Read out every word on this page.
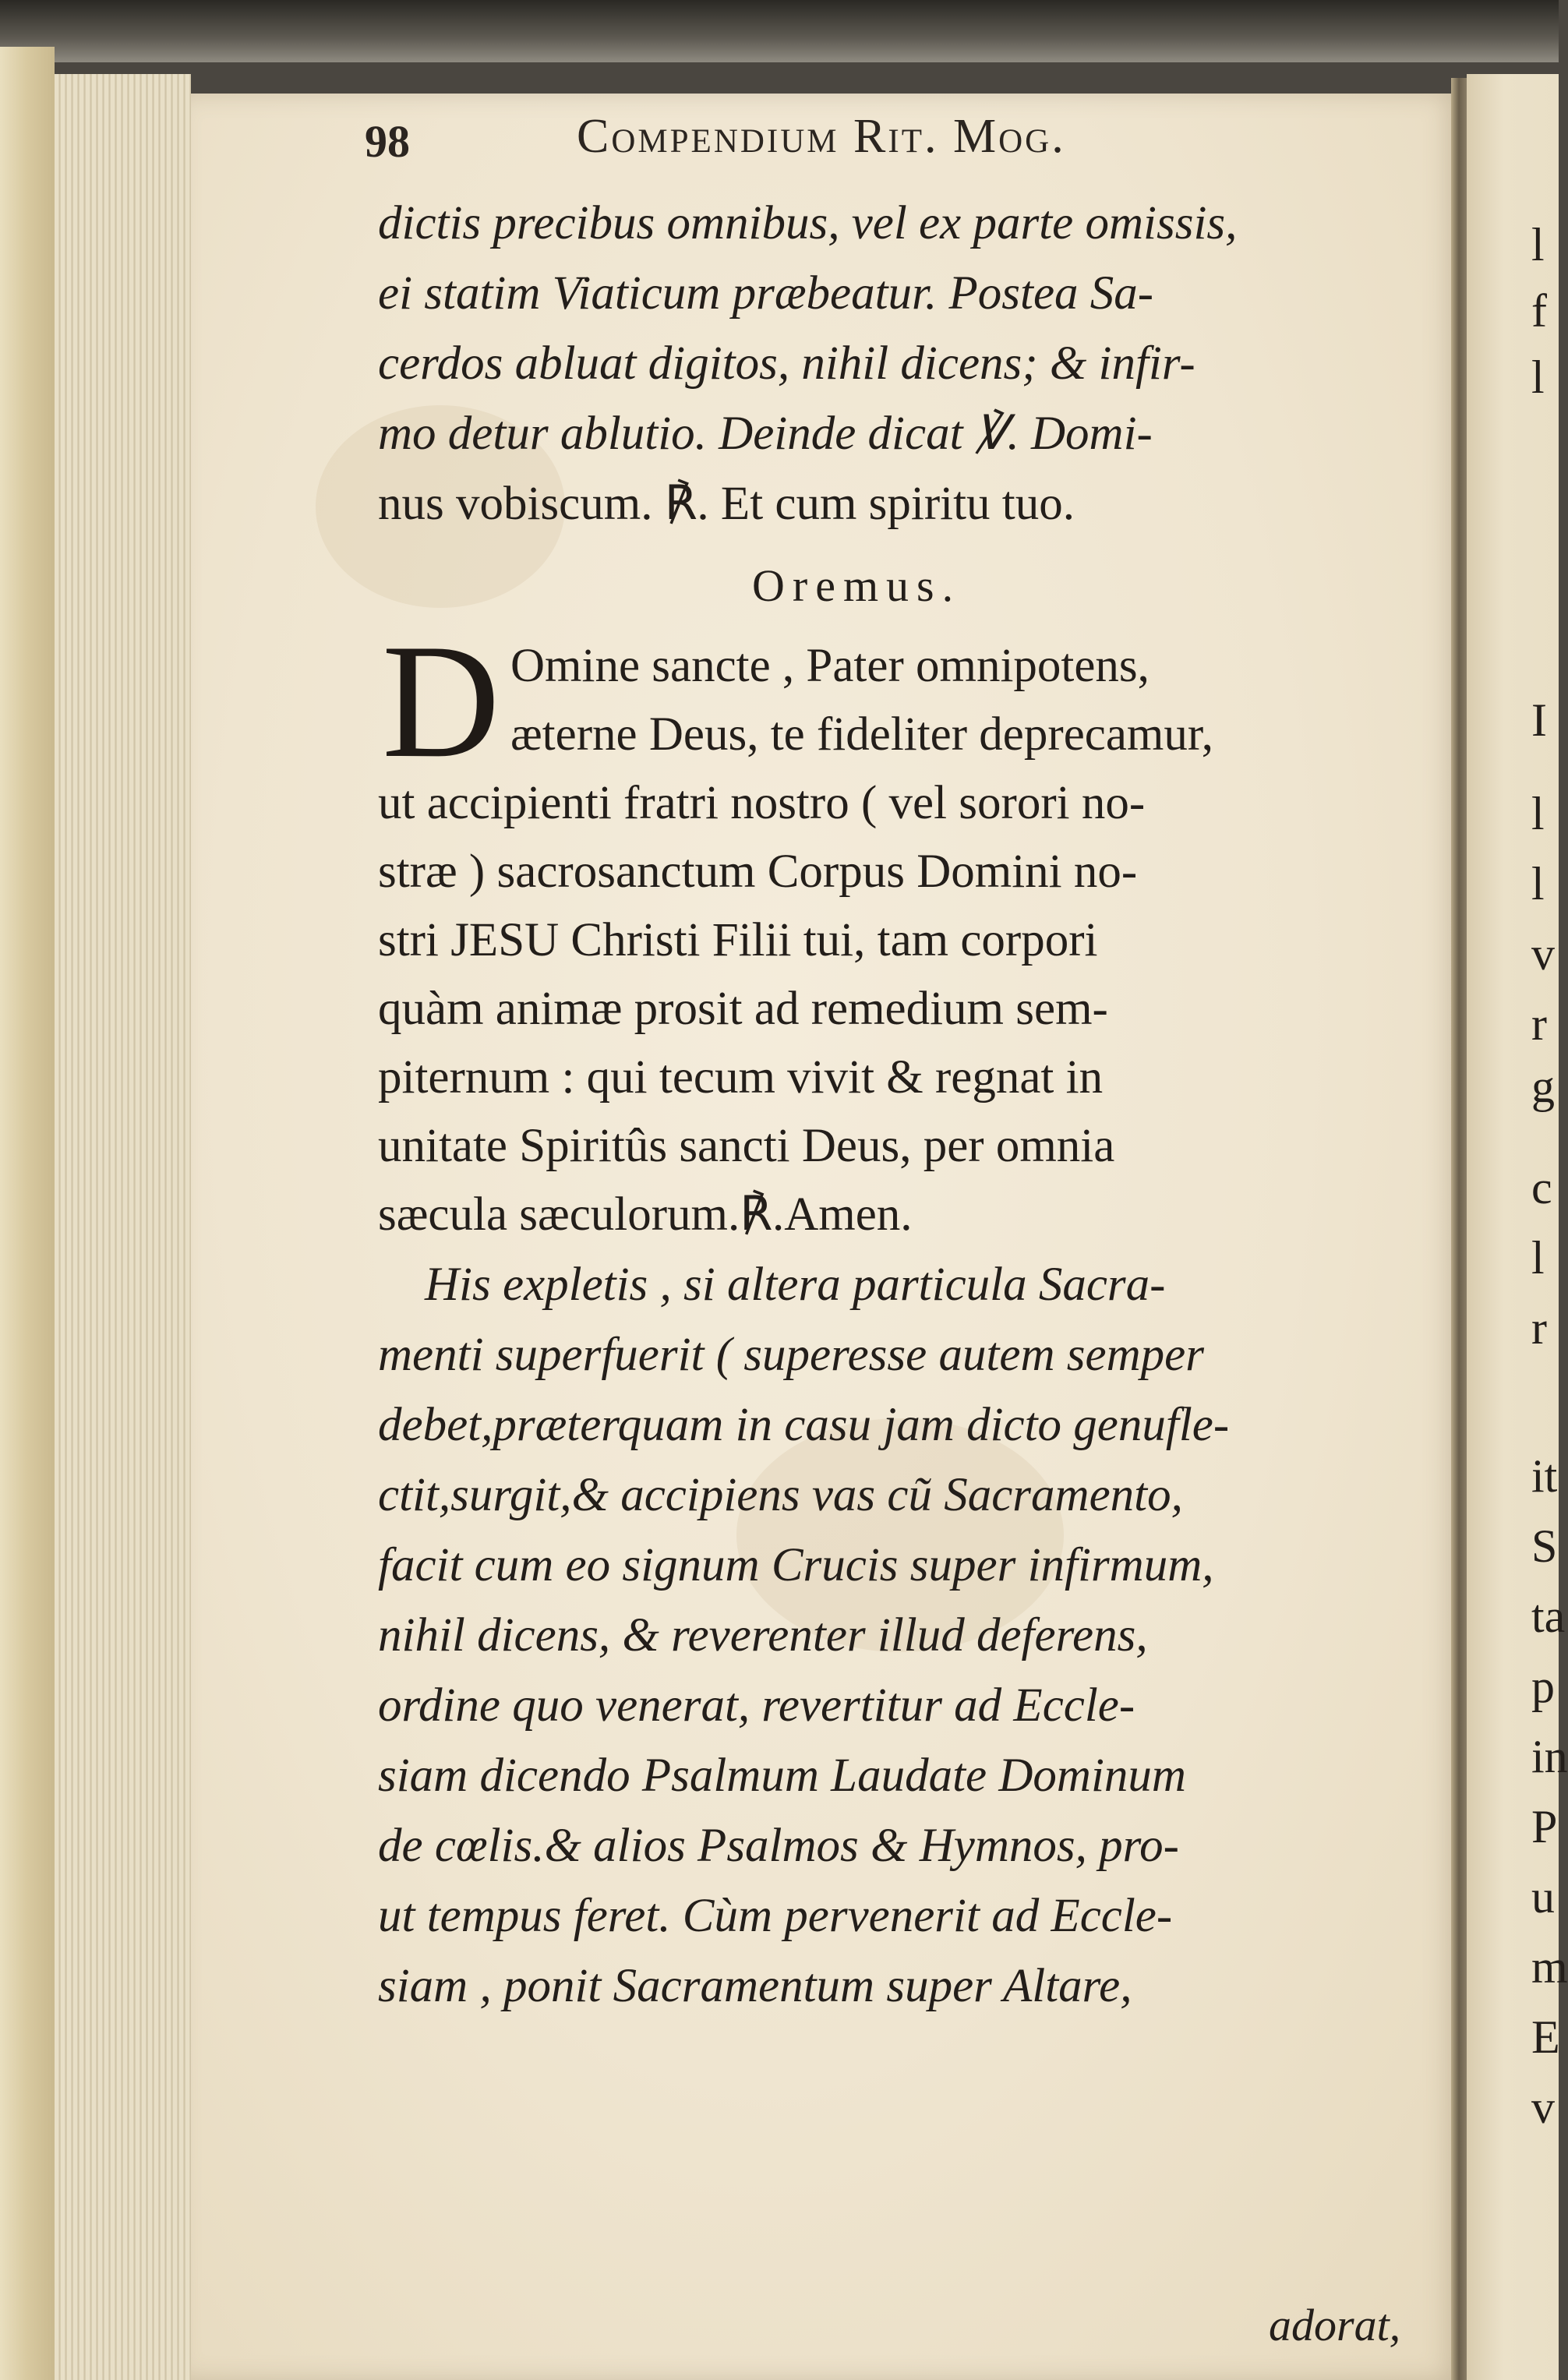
98	Compendium Rit. Mog.
Oremus.
D
dictis precibus omnibus, vel ex parte omissis,
ei statim Viaticum præbeatur. Postea Sa-
cerdos abluat digitos, nihil dicens; & infir-
mo detur ablutio. Deinde dicat ℣. Domi-
nus vobiscum. ℟. Et cum spiritu tuo.
Omine sancte , Pater omnipotens,
æterne Deus, te fideliter deprecamur,
ut accipienti fratri nostro ( vel sorori no-
stræ ) sacrosanctum Corpus Domini no-
stri JESU Christi Filii tui, tam corpori
quàm animæ prosit ad remedium sem-
piternum : qui tecum vivit & regnat in
unitate Spiritûs sancti Deus, per omnia
sæcula sæculorum.℟.Amen.
His expletis , si altera particula Sacra-
menti superfuerit ( superesse autem semper
debet,præterquam in casu jam dicto genufle-
ctit,surgit,& accipiens vas cũ Sacramento,
facit cum eo signum Crucis super infirmum,
nihil dicens, & reverenter illud deferens,
ordine quo venerat, revertitur ad Eccle-
siam dicendo Psalmum Laudate Dominum
de cœlis.& alios Psalmos & Hymnos, pro-
ut tempus feret. Cùm pervenerit ad Eccle-
siam , ponit Sacramentum super Altare,
adorat,
l
f
l
I
l
l
v
r
g
c
l
r
it
S
ta
p
in
P
u
m
E
v
